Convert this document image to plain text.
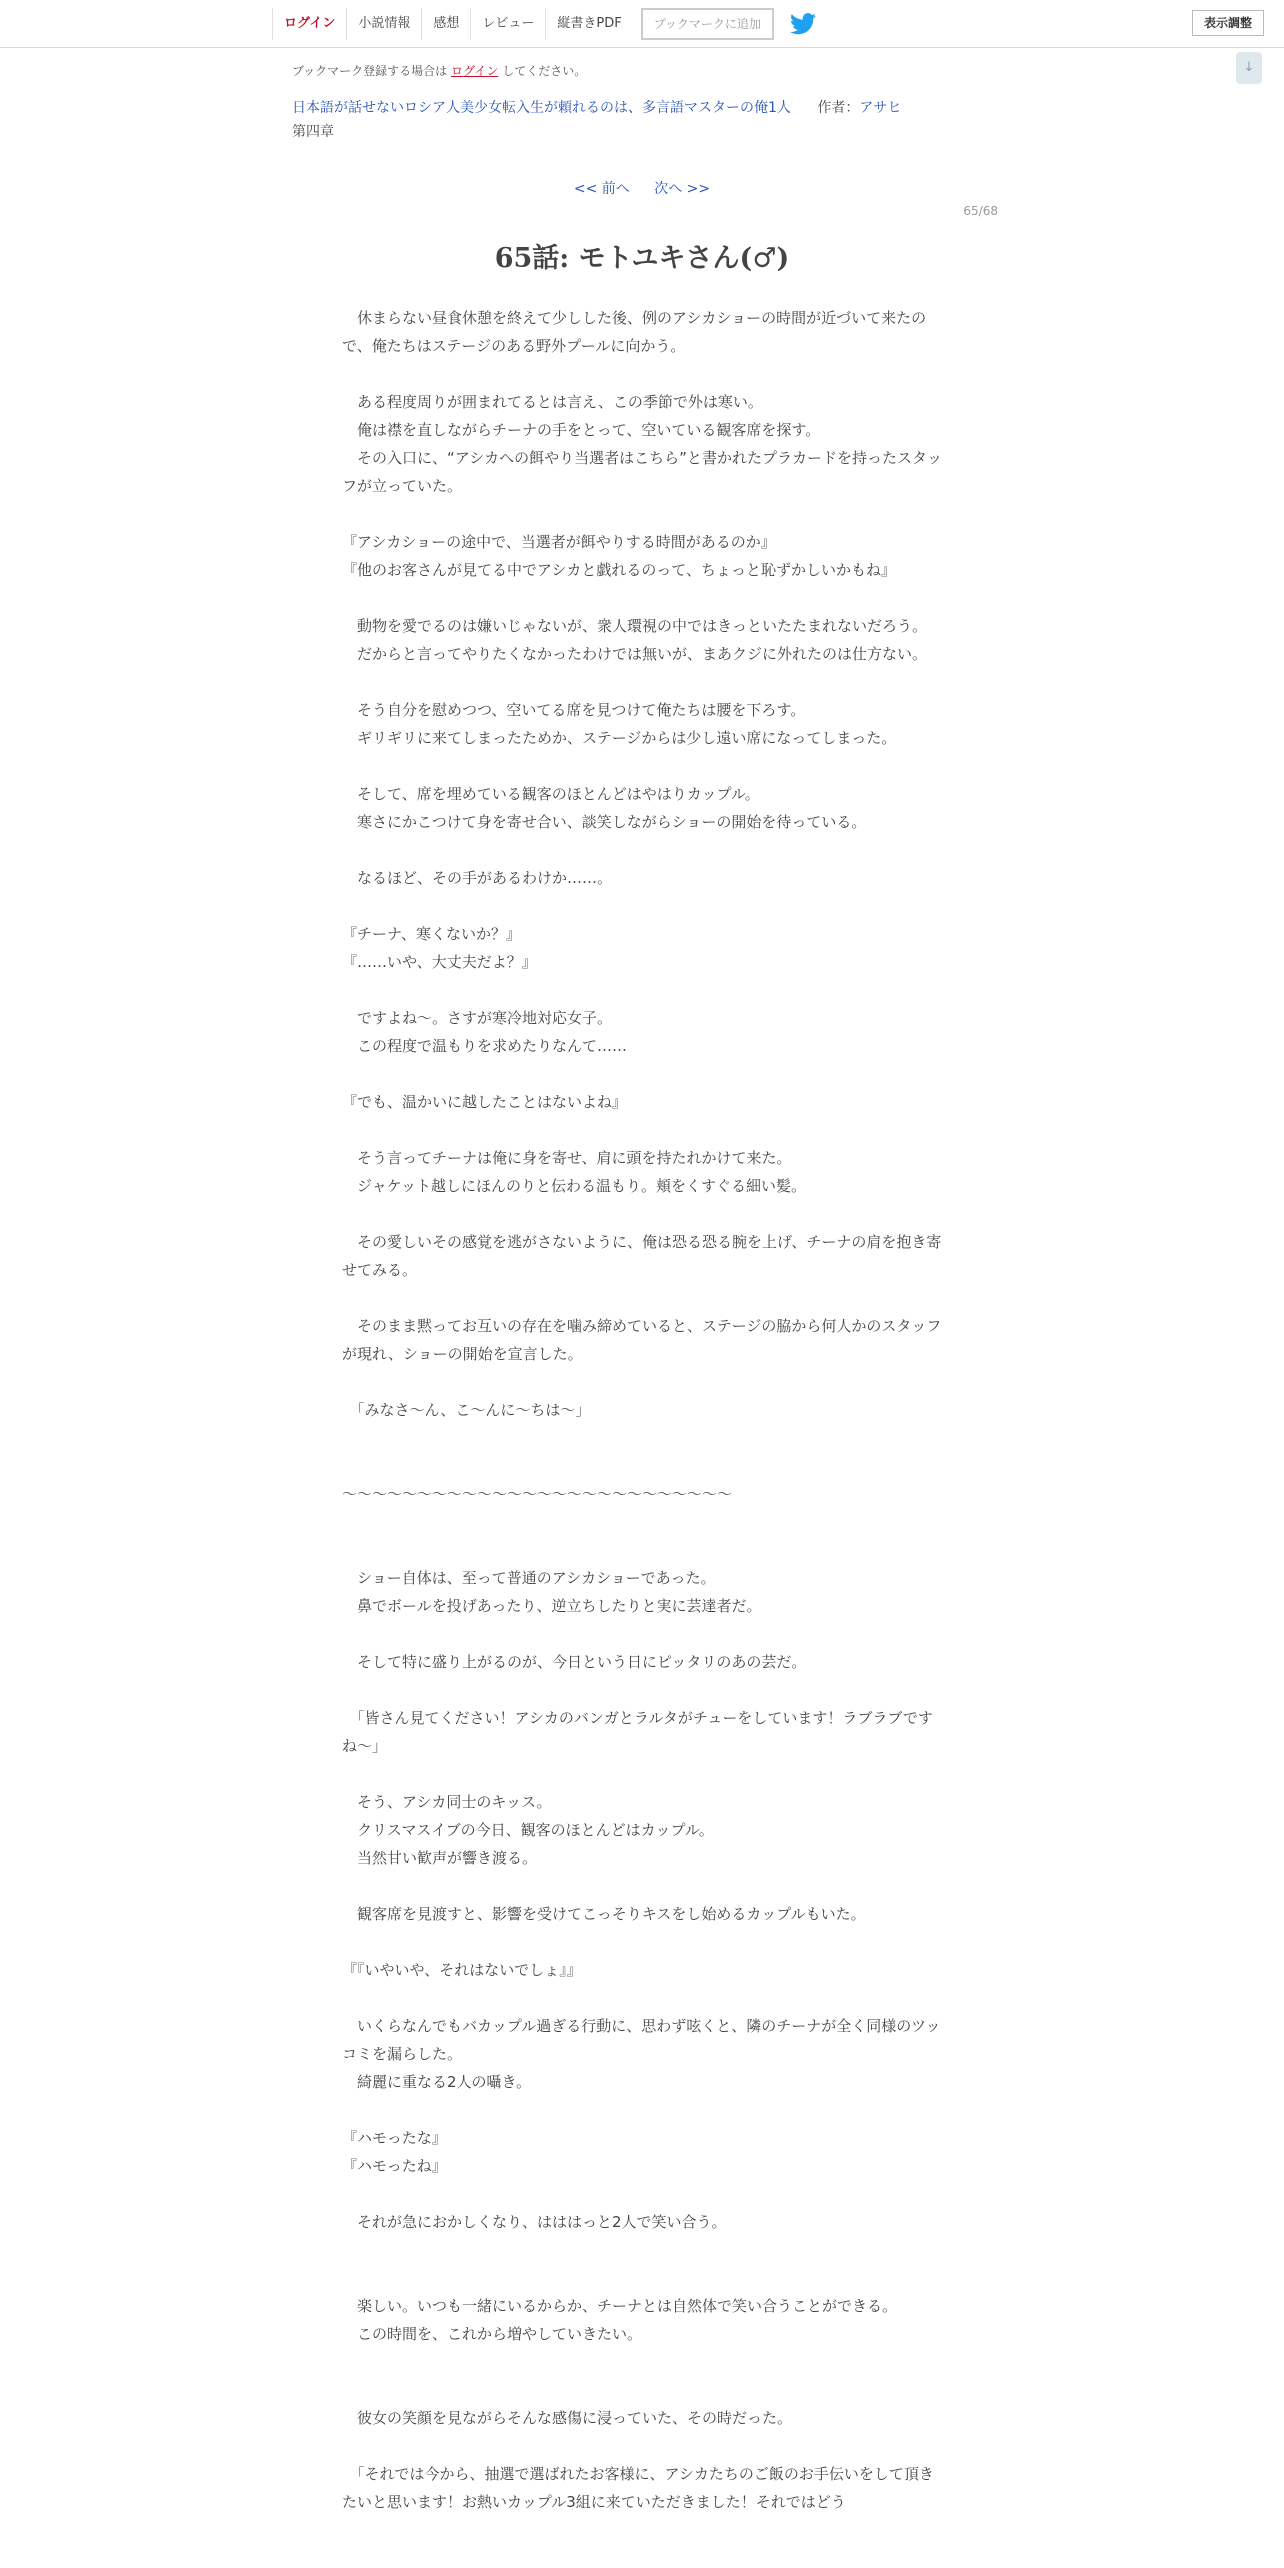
ログイン	小説情報	感想	レビュー	縦書きPDF	ブックマークに追加	表示調整
↓
ブックマーク登録する場合は ログイン してください。
日本語が話せないロシア人美少女転入生が頼れるのは、多言語マスターの俺1人 作者：アサヒ
第四章
<< 前へ 次へ >>
65/68
65話: モトユキさん(♂)

　休まらない昼食休憩を終えて少しした後、例のアシカショーの時間が近づいて来たので、俺たちはステージのある野外プールに向かう。

　ある程度周りが囲まれてるとは言え、この季節で外は寒い。

　俺は襟を直しながらチーナの手をとって、空いている観客席を探す。

　その入口に、“アシカへの餌やり当選者はこちら”と書かれたプラカードを持ったスタッフが立っていた。

『アシカショーの途中で、当選者が餌やりする時間があるのか』

『他のお客さんが見てる中でアシカと戯れるのって、ちょっと恥ずかしいかもね』

　動物を愛でるのは嫌いじゃないが、衆人環視の中ではきっといたたまれないだろう。

　だからと言ってやりたくなかったわけでは無いが、まあクジに外れたのは仕方ない。

　そう自分を慰めつつ、空いてる席を見つけて俺たちは腰を下ろす。

　ギリギリに来てしまったためか、ステージからは少し遠い席になってしまった。

　そして、席を埋めている観客のほとんどはやはりカップル。

　寒さにかこつけて身を寄せ合い、談笑しながらショーの開始を待っている。

　なるほど、その手があるわけか……。

『チーナ、寒くないか？』

『……いや、大丈夫だよ？』

　ですよね〜。さすが寒冷地対応女子。

　この程度で温もりを求めたりなんて……

『でも、温かいに越したことはないよね』

　そう言ってチーナは俺に身を寄せ、肩に頭を持たれかけて来た。

　ジャケット越しにほんのりと伝わる温もり。頬をくすぐる細い髪。

　その愛しいその感覚を逃がさないように、俺は恐る恐る腕を上げ、チーナの肩を抱き寄せてみる。

　そのまま黙ってお互いの存在を噛み締めていると、ステージの脇から何人かのスタッフが現れ、ショーの開始を宣言した。

　「みなさ〜ん、こ〜んに〜ちは〜」

～～～～～～～～～～～～～～～～～～～～～～～～～～

　ショー自体は、至って普通のアシカショーであった。

　鼻でボールを投げあったり、逆立ちしたりと実に芸達者だ。

　そして特に盛り上がるのが、今日という日にピッタリのあの芸だ。

　「皆さん見てください！アシカのバンガとラルタがチューをしています！ラブラブですね〜」

　そう、アシカ同士のキッス。

　クリスマスイブの今日、観客のほとんどはカップル。

　当然甘い歓声が響き渡る。

　観客席を見渡すと、影響を受けてこっそりキスをし始めるカップルもいた。

『『いやいや、それはないでしょ』』

　いくらなんでもバカップル過ぎる行動に、思わず呟くと、隣のチーナが全く同様のツッコミを漏らした。

　綺麗に重なる2人の囁き。

『ハモったな』

『ハモったね』

　それが急におかしくなり、はははっと2人で笑い合う。

　楽しい。いつも一緒にいるからか、チーナとは自然体で笑い合うことができる。

　この時間を、これから増やしていきたい。

　彼女の笑顔を見ながらそんな感傷に浸っていた、その時だった。

　「それでは今から、抽選で選ばれたお客様に、アシカたちのご飯のお手伝いをして頂きたいと思います！お熱いカップル3組に来ていただきました！それではどう
